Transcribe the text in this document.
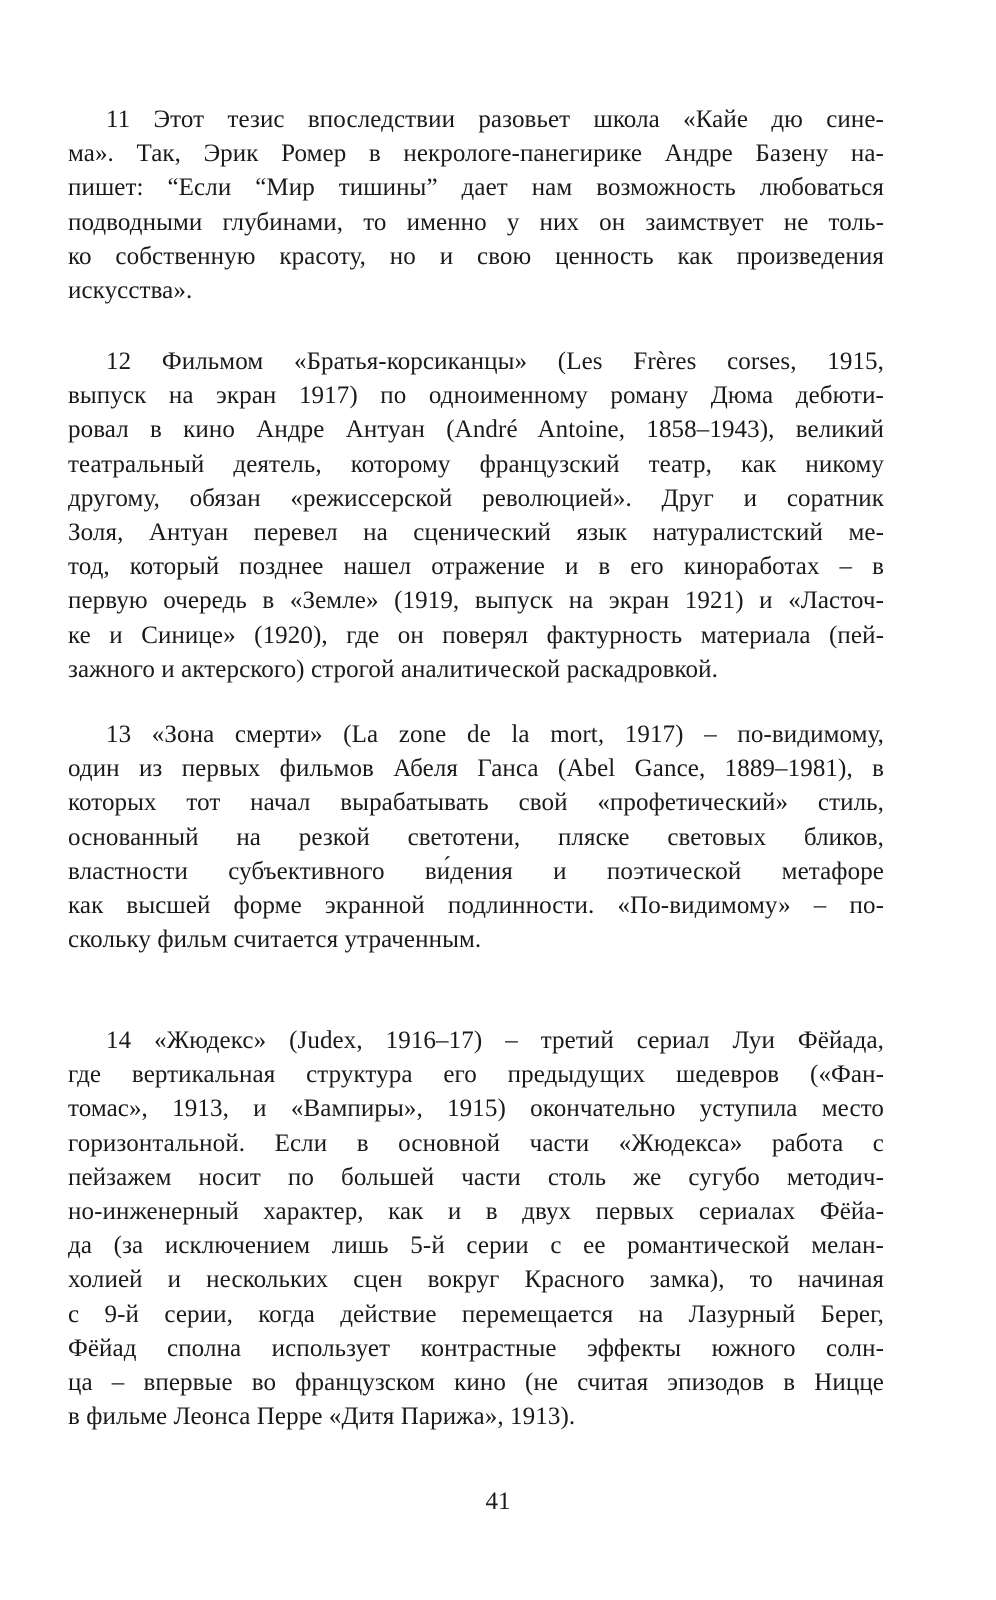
11 Этот тезис впоследствии разовьет школа «Кайе дю сине-
ма». Так, Эрик Ромер в некрологе-панегирике Андре Базену на-
пишет: “Если “Мир тишины” дает нам возможность любоваться
подводными глубинами, то именно у них он заимствует не толь-
ко собственную красоту, но и свою ценность как произведения
искусства».
12 Фильмом «Братья-корсиканцы» (Les Frères corses, 1915,
выпуск на экран 1917) по одноименному роману Дюма дебюти-
ровал в кино Андре Антуан (André Antoine, 1858–1943), великий
театральный деятель, которому французский театр, как никому
другому, обязан «режиссерской революцией». Друг и соратник
Золя, Антуан перевел на сценический язык натуралистский ме-
тод, который позднее нашел отражение и в его киноработах – в
первую очередь в «Земле» (1919, выпуск на экран 1921) и «Ласточ-
ке и Синице» (1920), где он поверял фактурность материала (пей-
зажного и актерского) строгой аналитической раскадровкой.
13 «Зона смерти» (La zone de la mort, 1917) – по-видимому,
один из первых фильмов Абеля Ганса (Abel Gance, 1889–1981), в
которых тот начал вырабатывать свой «профетический» стиль,
основанный на резкой светотени, пляске световых бликов,
властности субъективного ви́дения и поэтической метафоре
как высшей форме экранной подлинности. «По-видимому» – по-
скольку фильм считается утраченным.
14 «Жюдекс» (Judex, 1916–17) – третий сериал Луи Фёйада,
где вертикальная структура его предыдущих шедевров («Фан-
томас», 1913, и «Вампиры», 1915) окончательно уступила место
горизонтальной. Если в основной части «Жюдекса» работа с
пейзажем носит по большей части столь же сугубо методич-
но-инженерный характер, как и в двух первых сериалах Фёйа-
да (за исключением лишь 5-й серии с ее романтической мелан-
холией и нескольких сцен вокруг Красного замка), то начиная
с 9-й серии, когда действие перемещается на Лазурный Берег,
Фёйад сполна использует контрастные эффекты южного солн-
ца – впервые во французском кино (не считая эпизодов в Ницце
в фильме Леонса Перре «Дитя Парижа», 1913).
41
